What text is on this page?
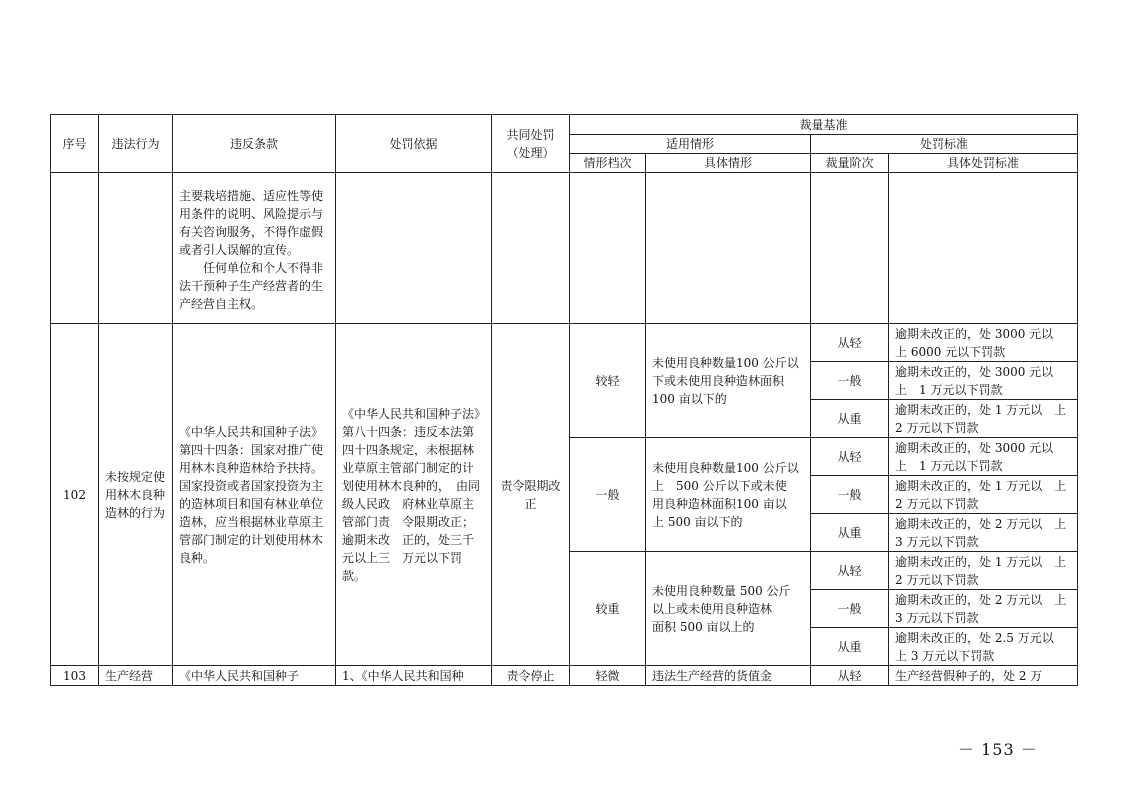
序号	违法行为	违反条款	处罚依据	共同处罚
（处理）	裁量基准			
					适用情形		处罚标准	
					情形档次	具体情形	裁量阶次	具体处罚标准
		主要栽培措施、适应性等使用条件的说明、风险提示与有关咨询服务，不得作虚假或者引人误解的宣传。
　　任何单位和个人不得非法干预种子生产经营者的生产经营自主权。						
102	未按规定使用林木良种造林的行为	《中华人民共和国种子法》第四十四条：国家对推广使用林木良种造林给予扶持。国家投资或者国家投资为主的造林项目和国有林业单位造林，应当根据林业草原主管部门制定的计划使用林木良种。	《中华人民共和国种子法》第八十四条：违反本法第四十四条规定，未根据林业草原主管部门制定的计划使用林木良种的，　由同级人民政　府林业草原主管部门责　令限期改正；逾期未改　正的，处三千元以上三　万元以下罚款。	责令限期改正	较轻	未使用良种数量100 公斤以下或未使用良种造林面积　100 亩以下的	从轻	逾期未改正的，处 3000 元以　上 6000 元以下罚款
							一般	逾期未改正的，处 3000 元以　上　1 万元以下罚款
							从重	逾期未改正的，处 1 万元以　上 2 万元以下罚款
					一般	未使用良种数量100 公斤以上　500 公斤以下或未使　用良种造林面积100 亩以　上 500 亩以下的	从轻	逾期未改正的，处 3000 元以　上　1 万元以下罚款
							一般	逾期未改正的，处 1 万元以　上 2 万元以下罚款
							从重	逾期未改正的，处 2 万元以　上 3 万元以下罚款
					较重	未使用良种数量 500 公斤　以上或未使用良种造林　　面积 500 亩以上的	从轻	逾期未改正的，处 1 万元以　上 2 万元以下罚款
							一般	逾期未改正的，处 2 万元以　上 3 万元以下罚款
							从重	逾期未改正的，处 2.5 万元以　上 3 万元以下罚款
103	生产经营	《中华人民共和国种子	1、《中华人民共和国种	责令停止	轻微	违法生产经营的货值金	从轻	生产经营假种子的，处 2 万
－ 153 －
